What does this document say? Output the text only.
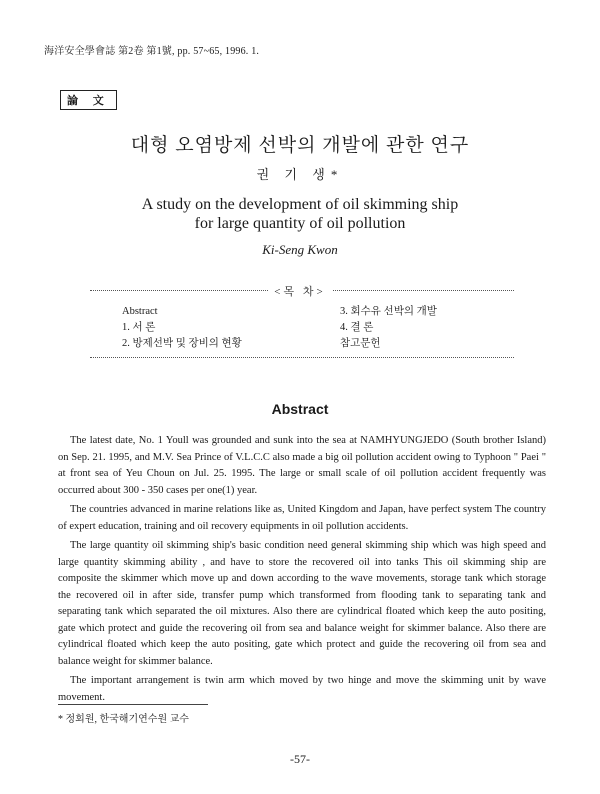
海洋安全學會誌 第2卷 第1號, pp. 57~65, 1996. 1.
論 文
대형 오염방제 선박의 개발에 관한 연구
권 기 생*
A study on the development of oil skimming ship
for large quantity of oil pollution
Ki-Seng Kwon
<목 차>
Abstract
1. 서 론
2. 방제선박 및 장비의 현황
3. 회수유 선박의 개발
4. 결 론
참고문헌
Abstract

The latest date, No. 1 Youll was grounded and sunk into the sea at NAMHYUNGJEDO (South brother Island) on Sep. 21. 1995, and M.V. Sea Prince of V.L.C.C also made a big oil pollution accident owing to Typhoon " Paei " at front sea of Yeu Choun on Jul. 25. 1995. The large or small scale of oil pollution accident frequently was occurred about 300 - 350 cases per one(1) year.

The countries advanced in marine relations like as, United Kingdom and Japan, have perfect system The country of expert education, training and oil recovery equipments in oil pollution accidents.

The large quantity oil skimming ship's basic condition need general skimming ship which was high speed and large quantity skimming ability , and have to store the recovered oil into tanks This oil skimming ship are composite the skimmer which move up and down according to the wave movements, storage tank which storage the recovered oil in after side, transfer pump which transformed from flooding tank to separating tank and separating tank which separated the oil mixtures. Also there are cylindrical floated which keep the auto positing, gate which protect and guide the recovering oil from sea and balance weight for skimmer balance. Also there are cylindrical floated which keep the auto positing, gate which protect and guide the recovering oil from sea and balance weight for skimmer balance.

The important arrangement is twin arm which moved by two hinge and move the skimming unit by wave movement.

* 정회원, 한국해기연수원 교수
-57-
